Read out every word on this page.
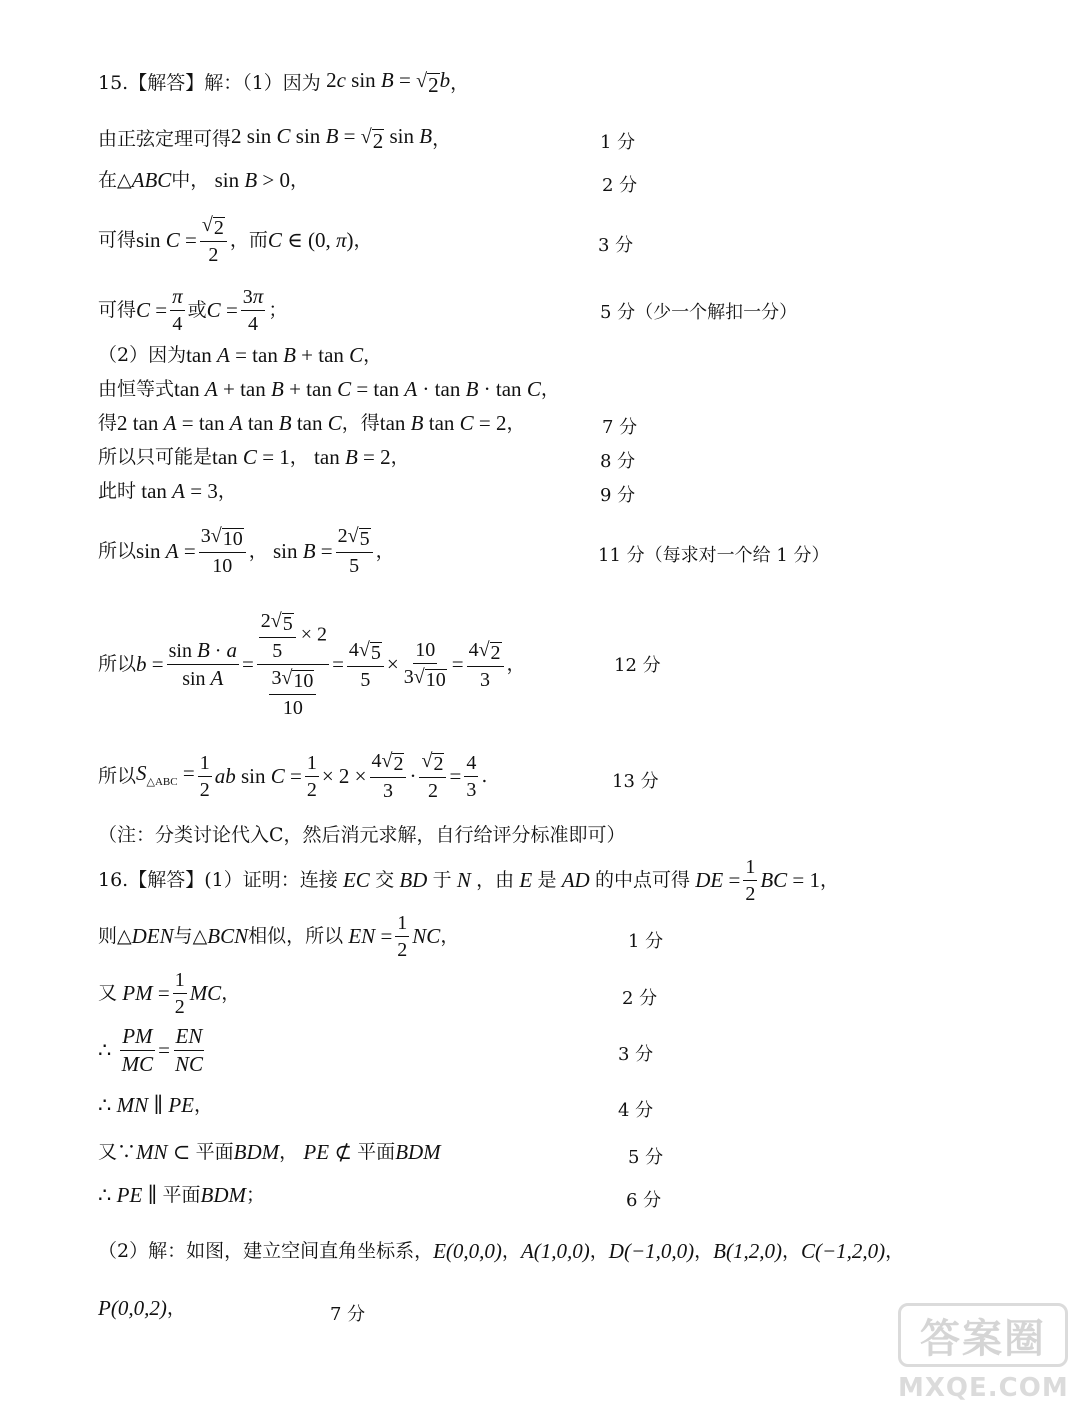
15.【解答】解：（1）因为 2c sin B = √ 2 b ，
由正弦定理可得 2 sin C sin B = √ 2 sin B ，	1 分
在△ ABC 中， sin B > 0 ，	2 分
可得 $\sin C = \frac{√ 2}{2}$ ，而 C ∈ (0, π) ，	3 分
可得 $C = \frac{\pi}{4}$ 或 $C = \frac{3\pi}{4}$ ；	5 分（少一个解扣一分）
（2）因为 tan A = tan B + tan C ，
由恒等式 tan A + tan B + tan C = tan A · tan B · tan C ，
得 2 tan A = tan A tan B tan C ，得 tan B tan C = 2 ，	7 分
所以只可能是 tan C = 1 ， tan B = 2 ，	8 分
此时 tan A = 3 ，	9 分
所以 $\sin A = \frac{3 √ 10}{10}$ ， $\sin B = \frac{2 √ 5}{5}$ ，	11 分（每求对一个给 1 分）
所以 $b = \frac{\text{sin B · a}}{\text{sin A}} = \frac{\frac{2 √ 5}{5} \times 2}{\frac{3 √ 10}{10}} = \frac{4 √ 5}{5} \times \frac{10}{3 √ 10} = \frac{4 √ 2}{3}$ ，	12 分
所以 $S_{\triangle ABC} = \frac{1}{2}$ ab $\sin C = \frac{1}{2} \times 2 \times \frac{4 √ 2}{3} \cdot \frac{√ 2}{2} = \frac{4}{3}$ .	13 分
（注：分类讨论代入C，然后消元求解，自行给评分标准即可）
16.【解答】(1）证明：连接 EC 交 BD 于 N ，由 E 是 AD 的中点可得 DE = $\frac{1}{2}$ BC = 1 ，
则△ DEN 与△ BCN 相似，所以 EN = $\frac{1}{2}$ NC ，	1 分
又 PM = $\frac{1}{2}$ MC ，	2 分
∴ $\frac{PM}{MC} = \frac{EN}{NC}$	3 分
∴ MN ∥ PE ，	4 分
又∵ MN ⊂ 平面 BDM ， PE ⊄ 平面 BDM	5 分
∴ PE ∥ 平面 BDM ；	6 分
（2）解：如图，建立空间直角坐标系， E(0,0,0) ， A(1,0,0) ， D(−1,0,0) ， B(1,2,0) ， C(−1,2,0) ，
P(0,0,2) ，	7 分
答案圈
MXQE.COM
